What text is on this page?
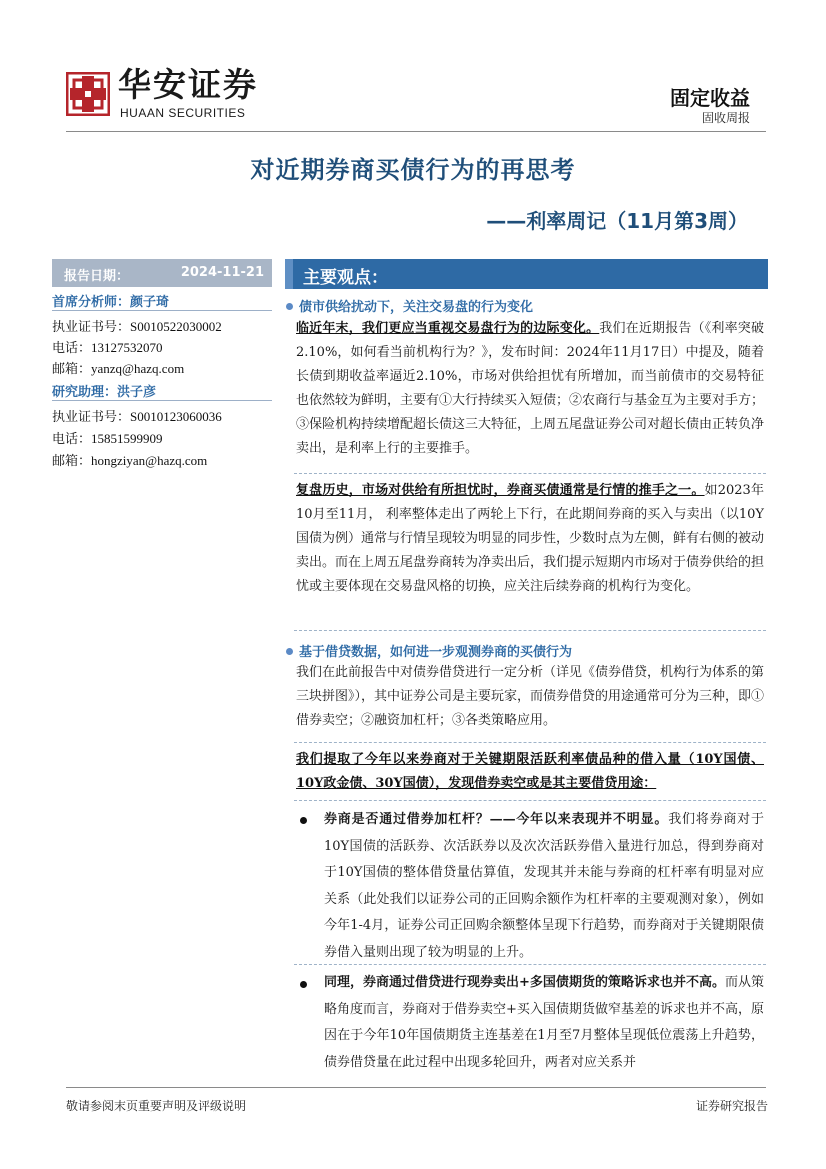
华安证券
HUAAN SECURITIES
固定收益
固收周报
对近期券商买债行为的再思考
——利率周记（11月第3周）
报告日期：	2024-11-21
首席分析师：颜子琦
执业证书号：S0010522030002
电话：13127532070
邮箱：yanzq@hazq.com
研究助理：洪子彦
执业证书号：S0010123060036
电话：15851599909
邮箱：hongziyan@hazq.com
主要观点：
债市供给扰动下，关注交易盘的行为变化
临近年末，我们更应当重视交易盘行为的边际变化。我们在近期报告（《利率突破2.10%，如何看当前机构行为？》，发布时间：2024年11月17日）中提及，随着长债到期收益率逼近2.10%，市场对供给担忧有所增加，而当前债市的交易特征也依然较为鲜明，主要有①大行持续买入短债；②农商行与基金互为主要对手方；③保险机构持续增配超长债这三大特征，上周五尾盘证券公司对超长债由正转负净卖出，是利率上行的主要推手。
复盘历史，市场对供给有所担忧时，券商买债通常是行情的推手之一。如2023年10月至11月， 利率整体走出了两轮上下行，在此期间券商的买入与卖出（以10Y国债为例）通常与行情呈现较为明显的同步性，少数时点为左侧，鲜有右侧的被动卖出。而在上周五尾盘券商转为净卖出后，我们提示短期内市场对于债券供给的担忧或主要体现在交易盘风格的切换，应关注后续券商的机构行为变化。
基于借贷数据，如何进一步观测券商的买债行为
我们在此前报告中对债券借贷进行一定分析（详见《债券借贷，机构行为体系的第三块拼图》），其中证券公司是主要玩家，而债券借贷的用途通常可分为三种，即①借券卖空；②融资加杠杆；③各类策略应用。
我们提取了今年以来券商对于关键期限活跃利率债品种的借入量（10Y国债、10Y政金债、30Y国债），发现借券卖空或是其主要借贷用途：
券商是否通过借券加杠杆？——今年以来表现并不明显。我们将券商对于10Y国债的活跃券、次活跃券以及次次活跃券借入量进行加总，得到券商对于10Y国债的整体借贷量估算值，发现其并未能与券商的杠杆率有明显对应关系（此处我们以证券公司的正回购余额作为杠杆率的主要观测对象），例如今年1-4月，证券公司正回购余额整体呈现下行趋势，而券商对于关键期限债券借入量则出现了较为明显的上升。
同理，券商通过借贷进行现券卖出+多国债期货的策略诉求也并不高。而从策略角度而言，券商对于借券卖空+买入国债期货做窄基差的诉求也并不高，原因在于今年10年国债期货主连基差在1月至7月整体呈现低位震荡上升趋势，债券借贷量在此过程中出现多轮回升，两者对应关系并
敬请参阅末页重要声明及评级说明	证券研究报告
